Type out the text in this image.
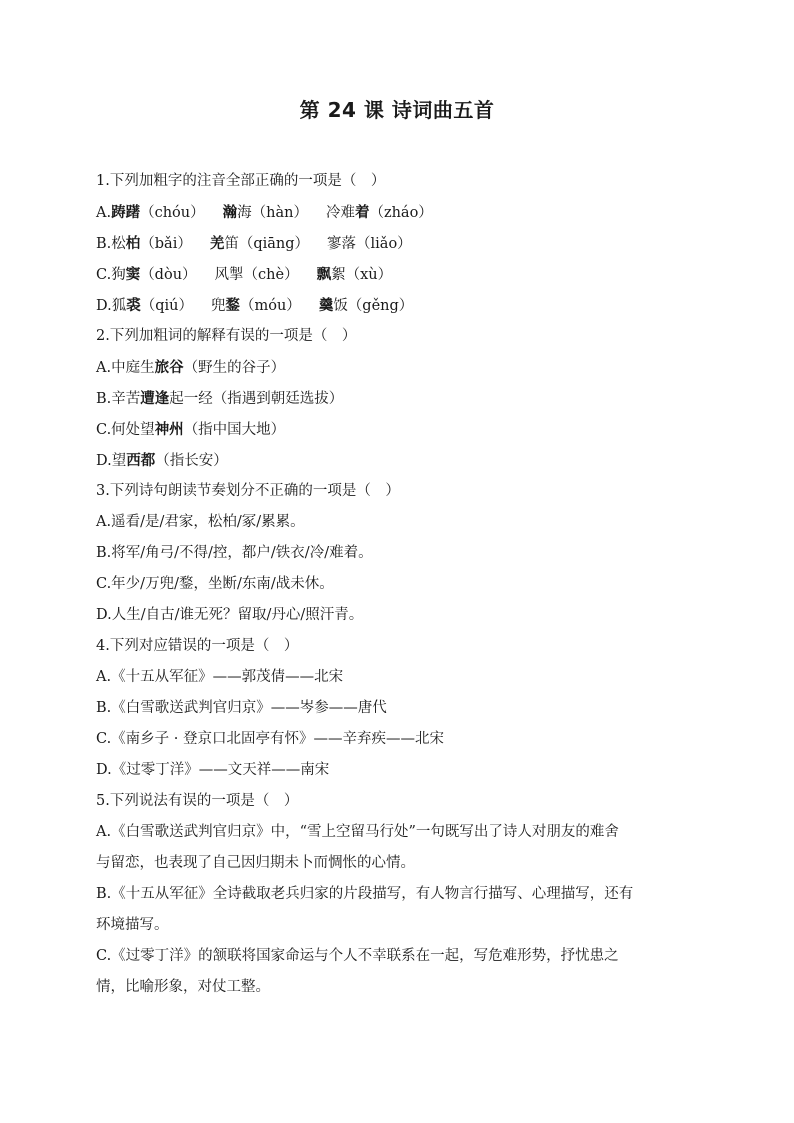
第 24 课 诗词曲五首
1.下列加粗字的注音全部正确的一项是（　）
A.踌躇（chóu） 瀚海（hàn） 冷难着（zháo）
B.松柏（bǎi） 羌笛（qiāng） 寥落（liǎo）
C.狗窦（dòu） 风掣（chè） 飘絮（xù）
D.狐裘（qiú） 兜鍪（móu） 羹饭（gěng）
2.下列加粗词的解释有误的一项是（　）
A.中庭生旅谷（野生的谷子）
B.辛苦遭逢起一经（指遇到朝廷选拔）
C.何处望神州（指中国大地）
D.望西都（指长安）
3.下列诗句朗读节奏划分不正确的一项是（　）
A.遥看/是/君家，松柏/冢/累累。
B.将军/角弓/不得/控，都户/铁衣/冷/难着。
C.年少/万兜/鍪，坐断/东南/战未休。
D.人生/自古/谁无死？留取/丹心/照汗青。
4.下列对应错误的一项是（　）
A.《十五从军征》——郭茂倩——北宋
B.《白雪歌送武判官归京》——岑参——唐代
C.《南乡子 · 登京口北固亭有怀》——辛弃疾——北宋
D.《过零丁洋》——文天祥——南宋
5.下列说法有误的一项是（　）
A.《白雪歌送武判官归京》中，“雪上空留马行处”一句既写出了诗人对朋友的难舍
与留恋，也表现了自己因归期未卜而惆怅的心情。
B.《十五从军征》全诗截取老兵归家的片段描写，有人物言行描写、心理描写，还有
环境描写。
C.《过零丁洋》的颔联将国家命运与个人不幸联系在一起，写危难形势，抒忧患之
情，比喻形象，对仗工整。
